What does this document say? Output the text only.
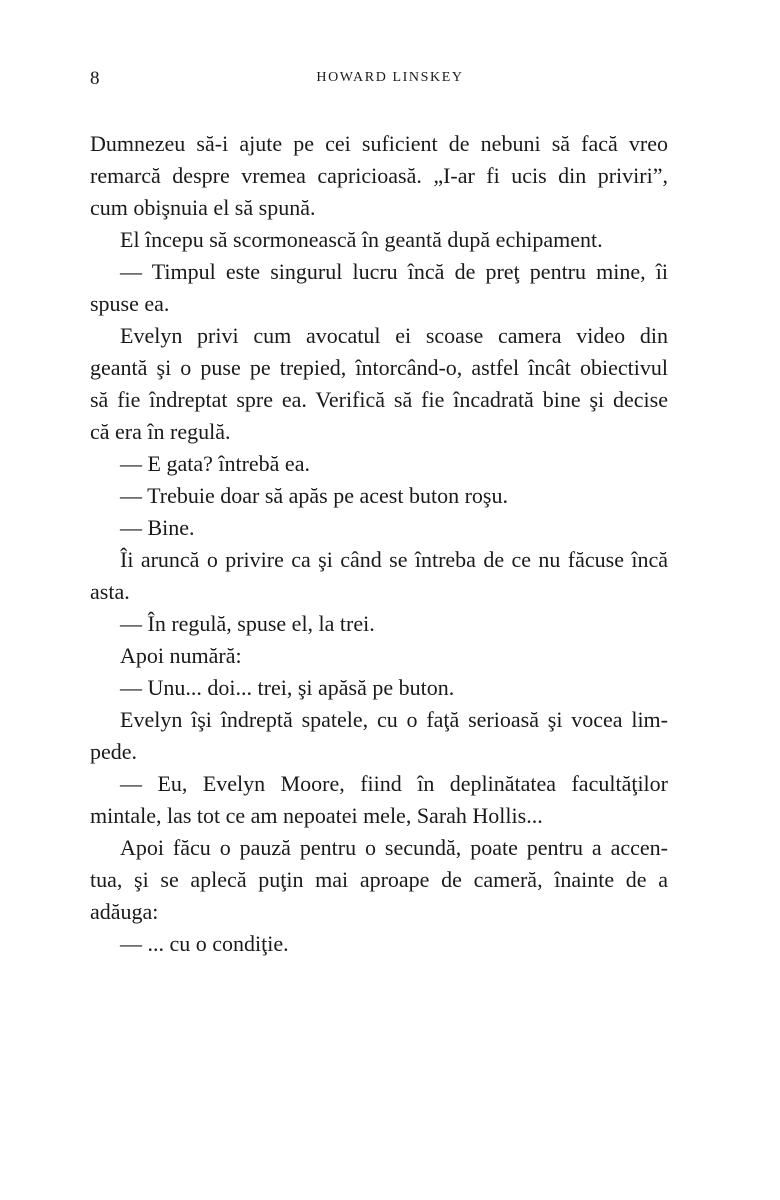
8	HOWARD LINSKEY
Dumnezeu să-i ajute pe cei suficient de nebuni să facă vreo
remarcă despre vremea capricioasă. „I-ar fi ucis din priviri”,
cum obişnuia el să spună.
El începu să scormonească în geantă după echipament.
— Timpul este singurul lucru încă de preţ pentru mine, îi
spuse ea.
Evelyn privi cum avocatul ei scoase camera video din
geantă şi o puse pe trepied, întorcând-o, astfel încât obiectivul
să fie îndreptat spre ea. Verifică să fie încadrată bine şi decise
că era în regulă.
— E gata? întrebă ea.
— Trebuie doar să apăs pe acest buton roşu.
— Bine.
Îi aruncă o privire ca şi când se întreba de ce nu făcuse încă
asta.
— În regulă, spuse el, la trei.
Apoi numără:
— Unu... doi... trei, şi apăsă pe buton.
Evelyn îşi îndreptă spatele, cu o faţă serioasă şi vocea lim-
pede.
— Eu, Evelyn Moore, fiind în deplinătatea facultăţilor
mintale, las tot ce am nepoatei mele, Sarah Hollis...
Apoi făcu o pauză pentru o secundă, poate pentru a accen-
tua, şi se aplecă puţin mai aproape de cameră, înainte de a
adăuga:
— ... cu o condiţie.
